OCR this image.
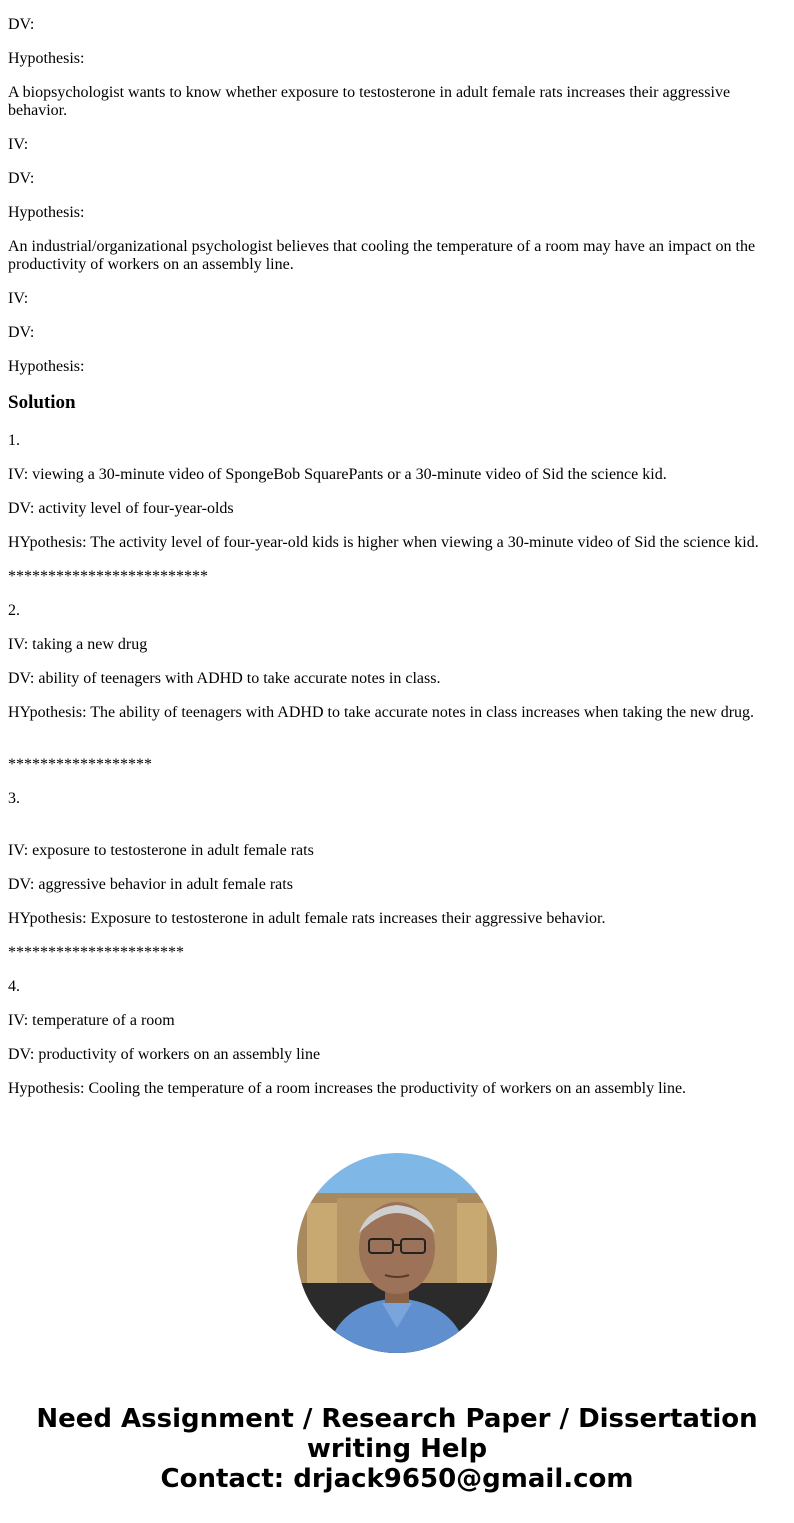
DV:

Hypothesis:

A biopsychologist wants to know whether exposure to testosterone in adult female rats increases their aggressive behavior.

IV:

DV:

Hypothesis:

An industrial/organizational psychologist believes that cooling the temperature of a room may have an impact on the productivity of workers on an assembly line.

IV:

DV:

Hypothesis:

Solution

1.

IV: viewing a 30-minute video of SpongeBob SquarePants or a 30-minute video of Sid the science kid.

DV: activity level of four-year-olds

HYpothesis: The activity level of four-year-old kids is higher when viewing a 30-minute video of Sid the science kid.

*************************

2.

IV: taking a new drug

DV: ability of teenagers with ADHD to take accurate notes in class.

HYpothesis: The ability of teenagers with ADHD to take accurate notes in class increases when taking the new drug.

******************

3.

IV: exposure to testosterone in adult female rats

DV: aggressive behavior in adult female rats

HYpothesis: Exposure to testosterone in adult female rats increases their aggressive behavior.

**********************

4.

IV: temperature of a room

DV: productivity of workers on an assembly line

Hypothesis: Cooling the temperature of a room increases the productivity of workers on an assembly line.

Need Assignment / Research Paper / Dissertation
writing Help
Contact: drjack9650@gmail.com
